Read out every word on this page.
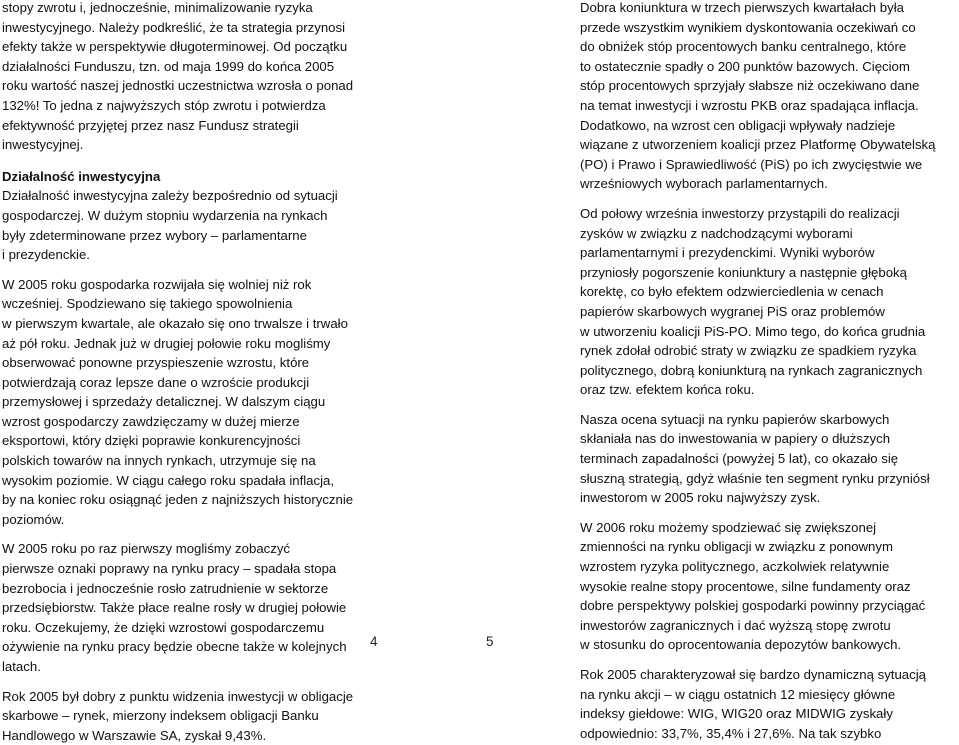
stopy zwrotu i, jednocześnie, minimalizowanie ryzyka
inwestycyjnego. Należy podkreślić, że ta strategia przynosi
efekty także w perspektywie długoterminowej. Od początku
działalności Funduszu, tzn. od maja 1999 do końca 2005
roku wartość naszej jednostki uczestnictwa wzrosła o ponad
132%! To jedna z najwyższych stóp zwrotu i potwierdza
efektywność przyjętej przez nasz Fundusz strategii
inwestycyjnej.

Działalność inwestycyjna

Działalność inwestycyjna zależy bezpośrednio od sytuacji
gospodarczej. W dużym stopniu wydarzenia na rynkach
były zdeterminowane przez wybory – parlamentarne
i prezydenckie.

W 2005 roku gospodarka rozwijała się wolniej niż rok
wcześniej. Spodziewano się takiego spowolnienia
w pierwszym kwartale, ale okazało się ono trwalsze i trwało
aż pół roku. Jednak już w drugiej połowie roku mogliśmy
obserwować ponowne przyspieszenie wzrostu, które
potwierdzają coraz lepsze dane o wzroście produkcji
przemysłowej i sprzedaży detalicznej. W dalszym ciągu
wzrost gospodarczy zawdzięczamy w dużej mierze
eksportowi, który dzięki poprawie konkurencyjności
polskich towarów na innych rynkach, utrzymuje się na
wysokim poziomie. W ciągu całego roku spadała inflacja,
by na koniec roku osiągnąć jeden z najniższych historycznie
poziomów.

W 2005 roku po raz pierwszy mogliśmy zobaczyć
pierwsze oznaki poprawy na rynku pracy – spadała stopa
bezrobocia i jednocześnie rosło zatrudnienie w sektorze
przedsiębiorstw. Także płace realne rosły w drugiej połowie
roku. Oczekujemy, że dzięki wzrostowi gospodarczemu
ożywienie na rynku pracy będzie obecne także w kolejnych
latach.

Rok 2005 był dobry z punktu widzenia inwestycji w obligacje
skarbowe – rynek, mierzony indeksem obligacji Banku
Handlowego w Warszawie SA, zyskał 9,43%.

Dobra koniunktura w trzech pierwszych kwartałach była
przede wszystkim wynikiem dyskontowania oczekiwań co
do obniżek stóp procentowych banku centralnego, które
to ostatecznie spadły o 200 punktów bazowych. Cięciom
stóp procentowych sprzyjały słabsze niż oczekiwano dane
na temat inwestycji i wzrostu PKB oraz spadająca inflacja.
Dodatkowo, na wzrost cen obligacji wpływały nadzieje
wiązane z utworzeniem koalicji przez Platformę Obywatelską
(PO) i Prawo i Sprawiedliwość (PiS) po ich zwycięstwie we
wrześniowych wyborach parlamentarnych.

Od połowy września inwestorzy przystąpili do realizacji
zysków w związku z nadchodzącymi wyborami
parlamentarnymi i prezydenckimi. Wyniki wyborów
przyniosły pogorszenie koniunktury a następnie głęboką
korektę, co było efektem odzwierciedlenia w cenach
papierów skarbowych wygranej PiS oraz problemów
w utworzeniu koalicji PiS-PO. Mimo tego, do końca grudnia
rynek zdołał odrobić straty w związku ze spadkiem ryzyka
politycznego, dobrą koniunkturą na rynkach zagranicznych
oraz tzw. efektem końca roku.

Nasza ocena sytuacji na rynku papierów skarbowych
skłaniała nas do inwestowania w papiery o dłuższych
terminach zapadalności (powyżej 5 lat), co okazało się
słuszną strategią, gdyż właśnie ten segment rynku przyniósł
inwestorom w 2005 roku najwyższy zysk.

W 2006 roku możemy spodziewać się zwiększonej
zmienności na rynku obligacji w związku z ponownym
wzrostem ryzyka politycznego, aczkolwiek relatywnie
wysokie realne stopy procentowe, silne fundamenty oraz
dobre perspektywy polskiej gospodarki powinny przyciągać
inwestorów zagranicznych i dać wyższą stopę zwrotu
w stosunku do oprocentowania depozytów bankowych.

Rok 2005 charakteryzował się bardzo dynamiczną sytuacją
na rynku akcji – w ciągu ostatnich 12 miesięcy główne
indeksy giełdowe: WIG, WIG20 oraz MIDWIG zyskały
odpowiednio: 33,7%, 35,4% i 27,6%. Na tak szybko

4	5
